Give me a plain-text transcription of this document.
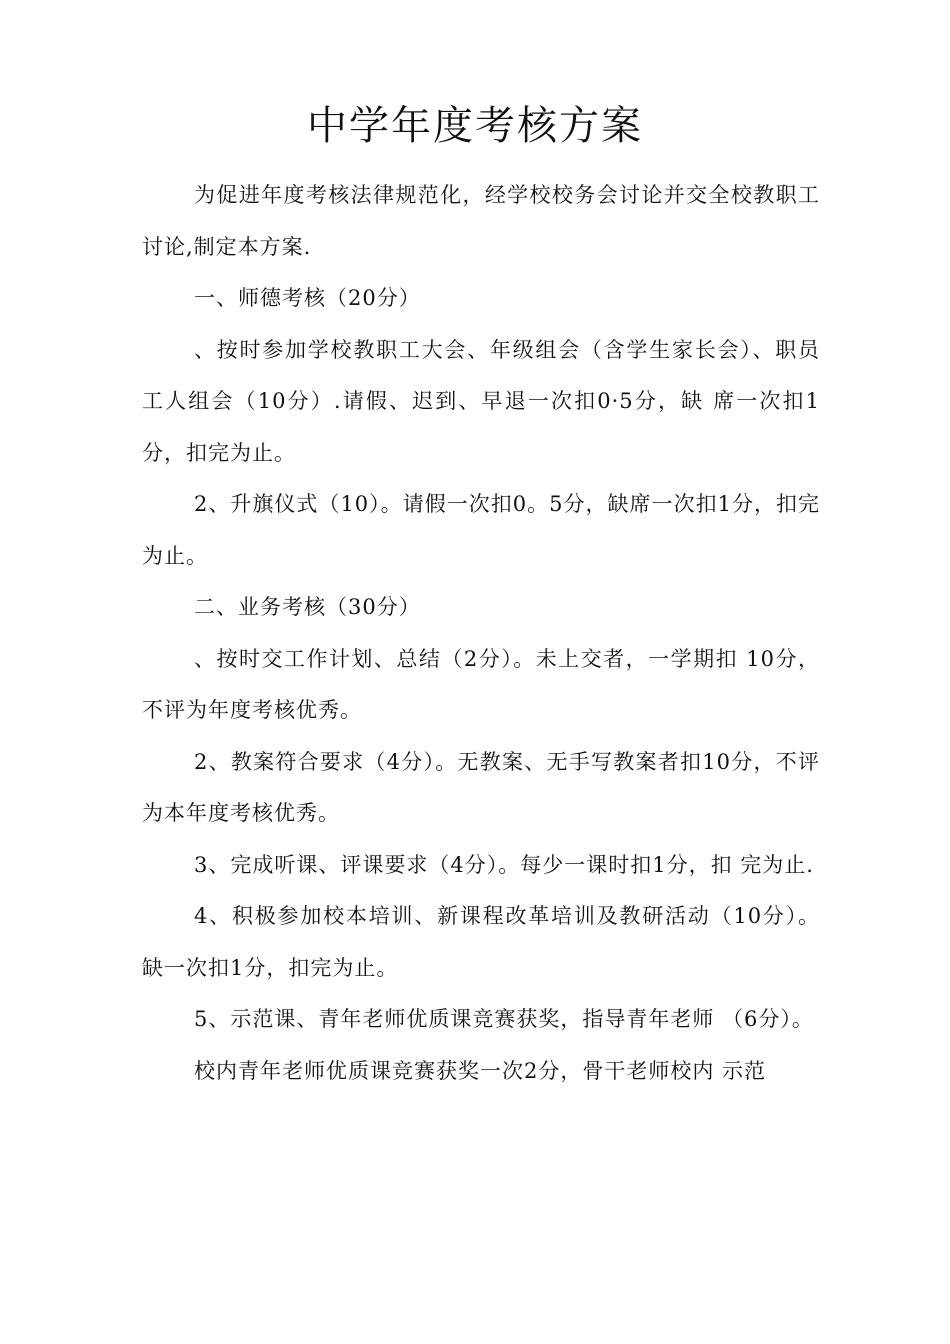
中学年度考核方案

为促进年度考核法律规范化，经学校校务会讨论并交全校教职工讨论,制定本方案.

一、师德考核（20分）

、按时参加学校教职工大会、年级组会（含学生家长会）、职员工人组会（10分）.请假、迟到、早退一次扣0·5分，缺 席一次扣1分，扣完为止。

2、升旗仪式（10）。请假一次扣0。5分，缺席一次扣1分，扣完为止。

二、业务考核（30分）

、按时交工作计划、总结（2分）。未上交者，一学期扣 10分，不评为年度考核优秀。

2、教案符合要求（4分）。无教案、无手写教案者扣10分，不评为本年度考核优秀。

3、完成听课、评课要求（4分）。每少一课时扣1分，扣 完为止.

4、积极参加校本培训、新课程改革培训及教研活动（10分）。缺一次扣1分，扣完为止。

5、示范课、青年老师优质课竞赛获奖，指导青年老师 （6分）。

校内青年老师优质课竞赛获奖一次2分，骨干老师校内 示范
